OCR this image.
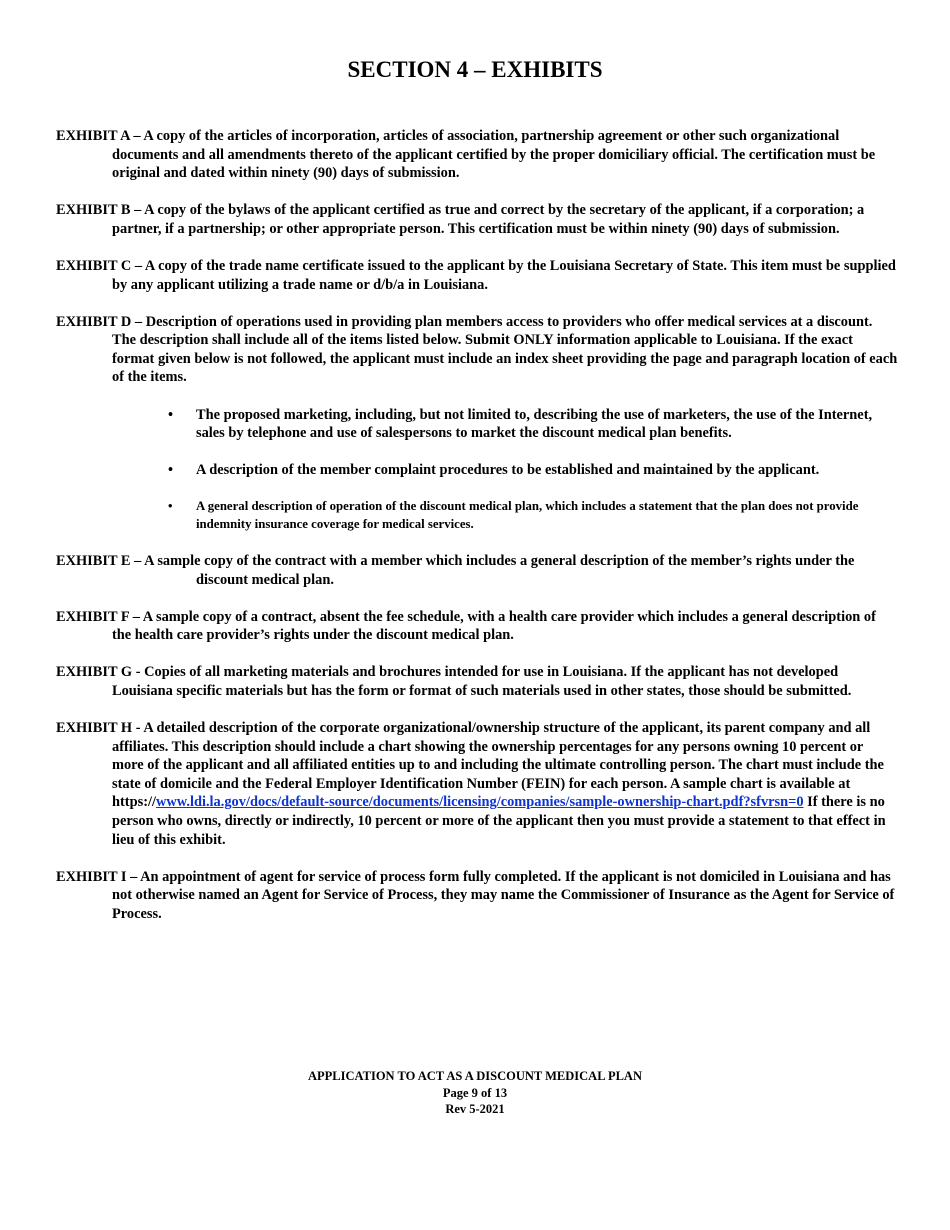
SECTION 4 – EXHIBITS

EXHIBIT A – A copy of the articles of incorporation, articles of association, partnership agreement or other such organizational documents and all amendments thereto of the applicant certified by the proper domiciliary official. The certification must be original and dated within ninety (90) days of submission.

EXHIBIT B – A copy of the bylaws of the applicant certified as true and correct by the secretary of the applicant, if a corporation; a partner, if a partnership; or other appropriate person. This certification must be within ninety (90) days of submission.

EXHIBIT C – A copy of the trade name certificate issued to the applicant by the Louisiana Secretary of State. This item must be supplied by any applicant utilizing a trade name or d/b/a in Louisiana.

EXHIBIT D – Description of operations used in providing plan members access to providers who offer medical services at a discount. The description shall include all of the items listed below. Submit ONLY information applicable to Louisiana. If the exact format given below is not followed, the applicant must include an index sheet providing the page and paragraph location of each of the items.

• The proposed marketing, including, but not limited to, describing the use of marketers, the use of the Internet, sales by telephone and use of salespersons to market the discount medical plan benefits.
• A description of the member complaint procedures to be established and maintained by the applicant.
• A general description of operation of the discount medical plan, which includes a statement that the plan does not provide indemnity insurance coverage for medical services.

EXHIBIT E – A sample copy of the contract with a member which includes a general description of the member’s rights under the discount medical plan.

EXHIBIT F – A sample copy of a contract, absent the fee schedule, with a health care provider which includes a general description of the health care provider’s rights under the discount medical plan.

EXHIBIT G - Copies of all marketing materials and brochures intended for use in Louisiana. If the applicant has not developed Louisiana specific materials but has the form or format of such materials used in other states, those should be submitted.

EXHIBIT H - A detailed description of the corporate organizational/ownership structure of the applicant, its parent company and all affiliates. This description should include a chart showing the ownership percentages for any persons owning 10 percent or more of the applicant and all affiliated entities up to and including the ultimate controlling person. The chart must include the state of domicile and the Federal Employer Identification Number (FEIN) for each person. A sample chart is available at https://www.ldi.la.gov/docs/default-source/documents/licensing/companies/sample-ownership-chart.pdf?sfvrsn=0 If there is no person who owns, directly or indirectly, 10 percent or more of the applicant then you must provide a statement to that effect in lieu of this exhibit.

EXHIBIT I – An appointment of agent for service of process form fully completed. If the applicant is not domiciled in Louisiana and has not otherwise named an Agent for Service of Process, they may name the Commissioner of Insurance as the Agent for Service of Process.

APPLICATION TO ACT AS A DISCOUNT MEDICAL PLAN
Page 9 of 13
Rev 5-2021
